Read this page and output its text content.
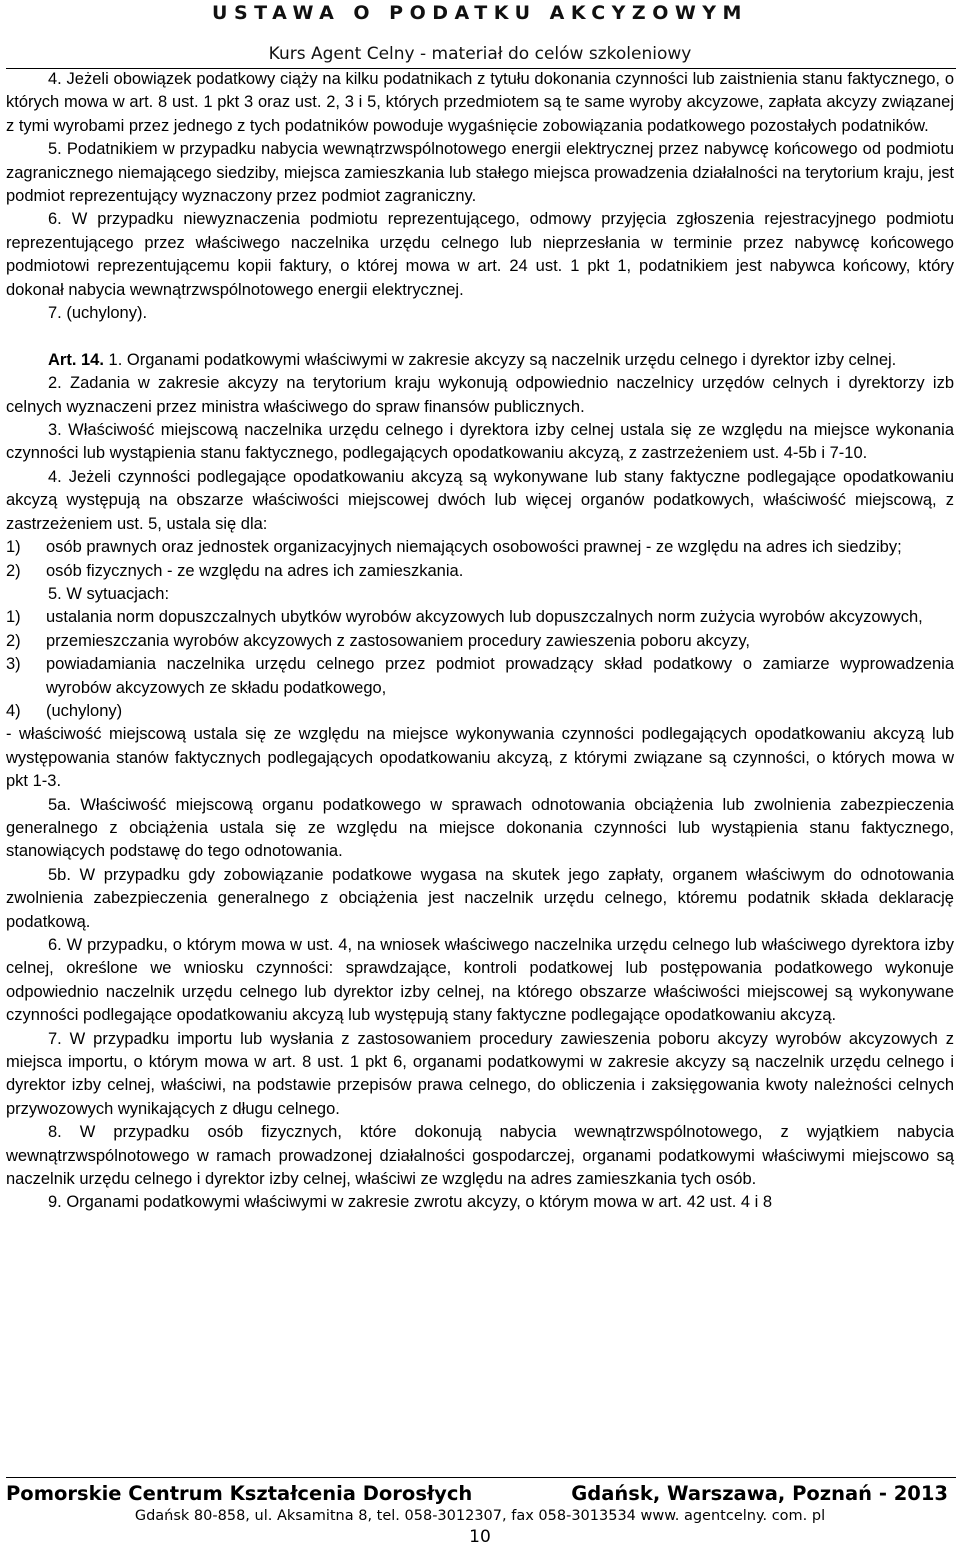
USTAWA O PODATKU AKCYZOWYM
Kurs Agent Celny - materiał do celów szkoleniowy

4. Jeżeli obowiązek podatkowy ciąży na kilku podatnikach z tytułu dokonania czynności lub zaistnienia stanu faktycznego, o których mowa w art. 8 ust. 1 pkt 3 oraz ust. 2, 3 i 5, których przedmiotem są te same wyroby akcyzowe, zapłata akcyzy związanej z tymi wyrobami przez jednego z tych podatników powoduje wygaśnięcie zobowiązania podatkowego pozostałych podatników.

5. Podatnikiem w przypadku nabycia wewnątrzwspólnotowego energii elektrycznej przez nabywcę końcowego od podmiotu zagranicznego niemającego siedziby, miejsca zamieszkania lub stałego miejsca prowadzenia działalności na terytorium kraju, jest podmiot reprezentujący wyznaczony przez podmiot zagraniczny.

6. W przypadku niewyznaczenia podmiotu reprezentującego, odmowy przyjęcia zgłoszenia rejestracyjnego podmiotu reprezentującego przez właściwego naczelnika urzędu celnego lub nieprzesłania w terminie przez nabywcę końcowego podmiotowi reprezentującemu kopii faktury, o której mowa w art. 24 ust. 1 pkt 1, podatnikiem jest nabywca końcowy, który dokonał nabycia wewnątrzwspólnotowego energii elektrycznej.

7. (uchylony).

Art. 14. 1. Organami podatkowymi właściwymi w zakresie akcyzy są naczelnik urzędu celnego i dyrektor izby celnej.

2. Zadania w zakresie akcyzy na terytorium kraju wykonują odpowiednio naczelnicy urzędów celnych i dyrektorzy izb celnych wyznaczeni przez ministra właściwego do spraw finansów publicznych.

3. Właściwość miejscową naczelnika urzędu celnego i dyrektora izby celnej ustala się ze względu na miejsce wykonania czynności lub wystąpienia stanu faktycznego, podlegających opodatkowaniu akcyzą, z zastrzeżeniem ust. 4-5b i 7-10.

4. Jeżeli czynności podlegające opodatkowaniu akcyzą są wykonywane lub stany faktyczne podlegające opodatkowaniu akcyzą występują na obszarze właściwości miejscowej dwóch lub więcej organów podatkowych, właściwość miejscową, z zastrzeżeniem ust. 5, ustala się dla:

1)	osób prawnych oraz jednostek organizacyjnych niemających osobowości prawnej - ze względu na adres ich siedziby;
2)	osób fizycznych - ze względu na adres ich zamieszkania.

5. W sytuacjach:

1)	ustalania norm dopuszczalnych ubytków wyrobów akcyzowych lub dopuszczalnych norm zużycia wyrobów akcyzowych,
2)	przemieszczania wyrobów akcyzowych z zastosowaniem procedury zawieszenia poboru akcyzy,
3)	powiadamiania naczelnika urzędu celnego przez podmiot prowadzący skład podatkowy o zamiarze wyprowadzenia wyrobów akcyzowych ze składu podatkowego,
4)	(uchylony)

- właściwość miejscową ustala się ze względu na miejsce wykonywania czynności podlegających opodatkowaniu akcyzą lub występowania stanów faktycznych podlegających opodatkowaniu akcyzą, z którymi związane są czynności, o których mowa w pkt 1-3.

5a. Właściwość miejscową organu podatkowego w sprawach odnotowania obciążenia lub zwolnienia zabezpieczenia generalnego z obciążenia ustala się ze względu na miejsce dokonania czynności lub wystąpienia stanu faktycznego, stanowiących podstawę do tego odnotowania.

5b. W przypadku gdy zobowiązanie podatkowe wygasa na skutek jego zapłaty, organem właściwym do odnotowania zwolnienia zabezpieczenia generalnego z obciążenia jest naczelnik urzędu celnego, któremu podatnik składa deklarację podatkową.

6. W przypadku, o którym mowa w ust. 4, na wniosek właściwego naczelnika urzędu celnego lub właściwego dyrektora izby celnej, określone we wniosku czynności: sprawdzające, kontroli podatkowej lub postępowania podatkowego wykonuje odpowiednio naczelnik urzędu celnego lub dyrektor izby celnej, na którego obszarze właściwości miejscowej są wykonywane czynności podlegające opodatkowaniu akcyzą lub występują stany faktyczne podlegające opodatkowaniu akcyzą.

7. W przypadku importu lub wysłania z zastosowaniem procedury zawieszenia poboru akcyzy wyrobów akcyzowych z miejsca importu, o którym mowa w art. 8 ust. 1 pkt 6, organami podatkowymi w zakresie akcyzy są naczelnik urzędu celnego i dyrektor izby celnej, właściwi, na podstawie przepisów prawa celnego, do obliczenia i zaksięgowania kwoty należności celnych przywozowych wynikających z długu celnego.

8. W przypadku osób fizycznych, które dokonują nabycia wewnątrzwspólnotowego, z wyjątkiem nabycia wewnątrzwspólnotowego w ramach prowadzonej działalności gospodarczej, organami podatkowymi właściwymi miejscowo są naczelnik urzędu celnego i dyrektor izby celnej, właściwi ze względu na adres zamieszkania tych osób.

9. Organami podatkowymi właściwymi w zakresie zwrotu akcyzy, o którym mowa w art. 42 ust. 4 i 8

Pomorskie Centrum Kształcenia Dorosłych	Gdańsk, Warszawa, Poznań - 2013
Gdańsk 80-858, ul. Aksamitna 8, tel. 058-3012307, fax 058-3013534 www. agentcelny. com. pl
10
